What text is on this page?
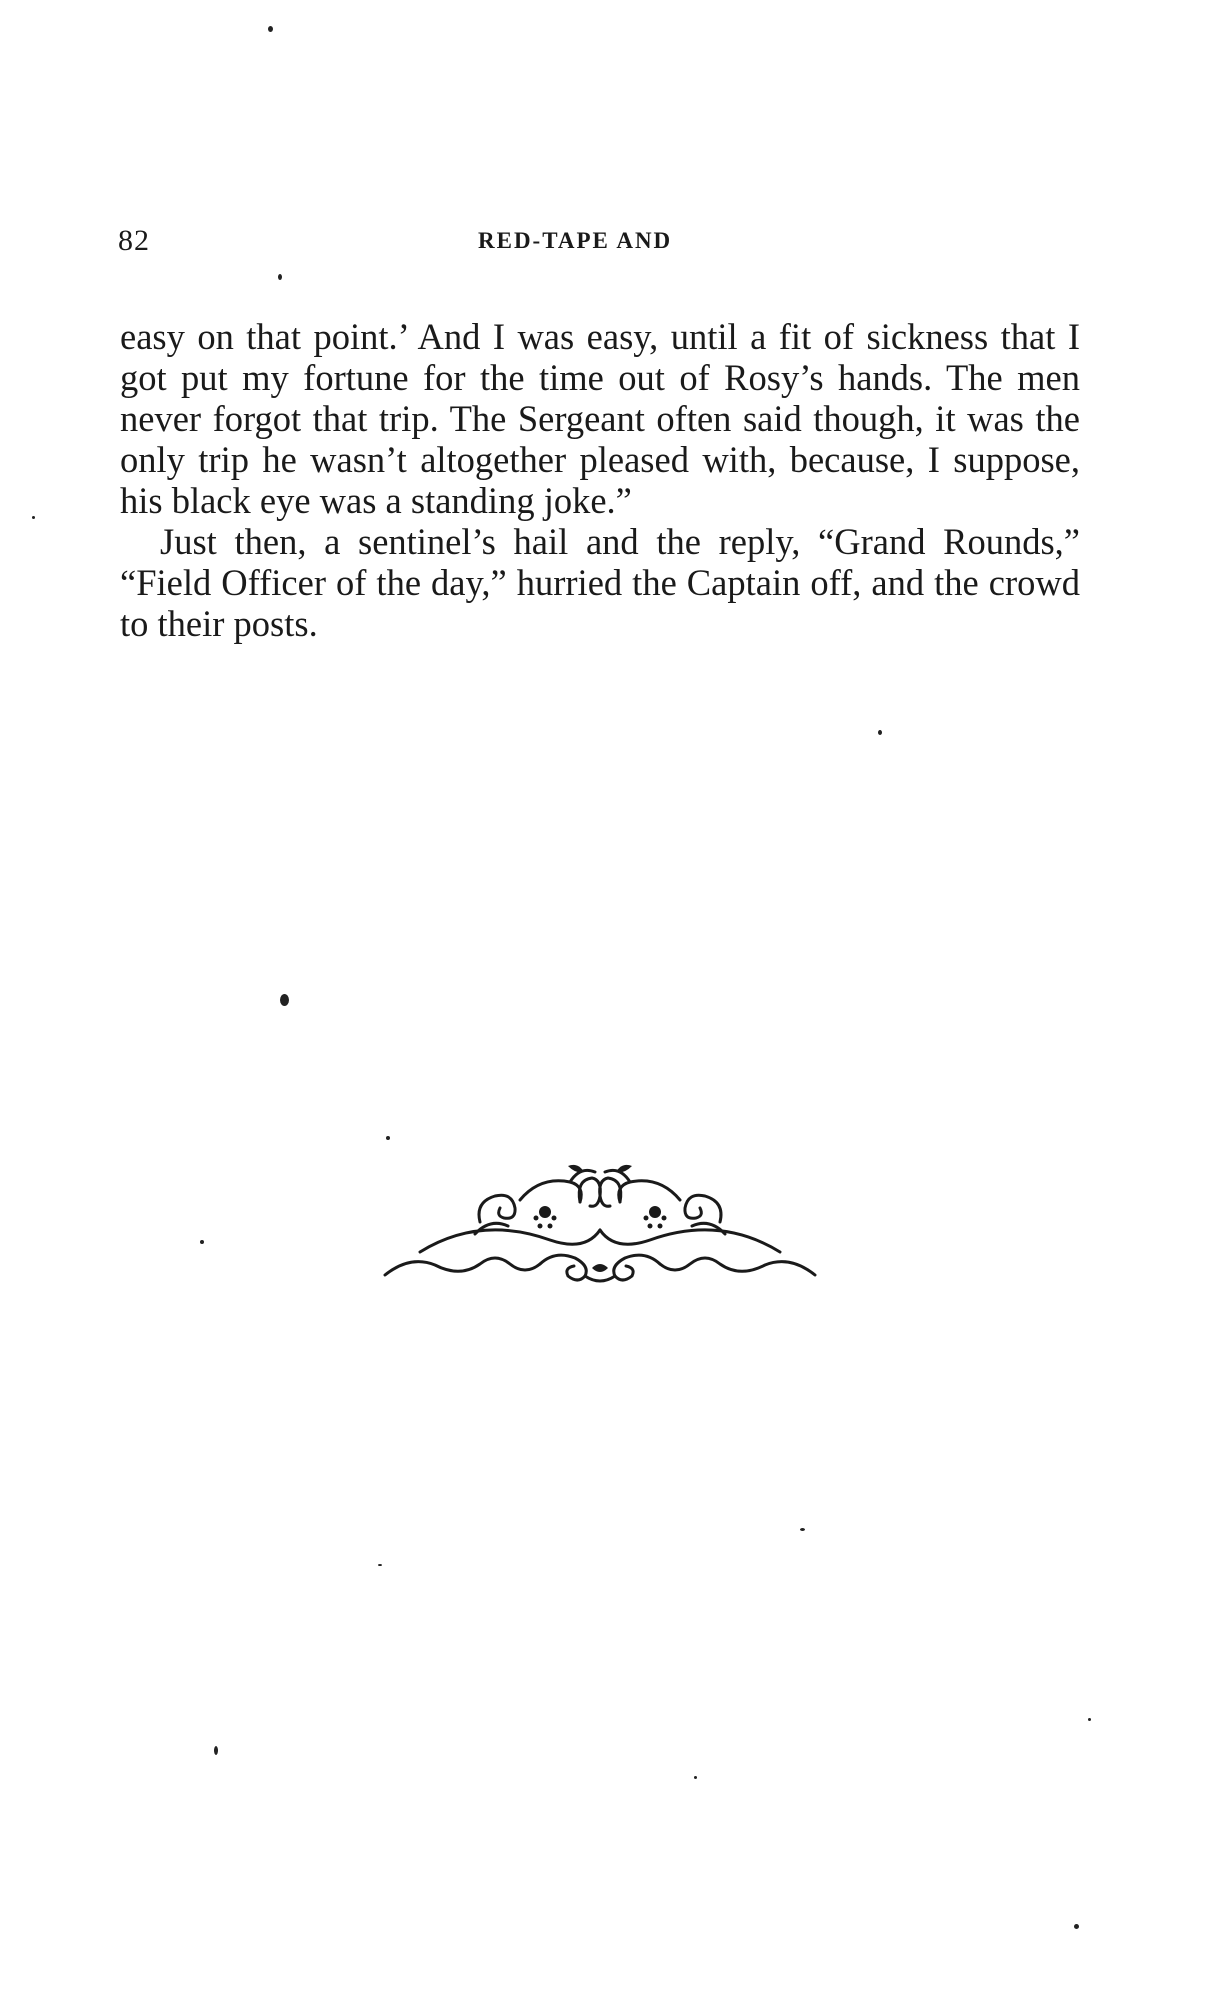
82	RED-TAPE AND

easy on that point.’ And I was easy, until a fit of sickness that I got put my fortune for the time out of Rosy’s hands. The men never forgot that trip. The Sergeant often said though, it was the only trip he wasn’t altogether pleased with, because, I suppose, his black eye was a standing joke.”

Just then, a sentinel’s hail and the reply, “Grand Rounds,” “Field Officer of the day,” hurried the Captain off, and the crowd to their posts.
